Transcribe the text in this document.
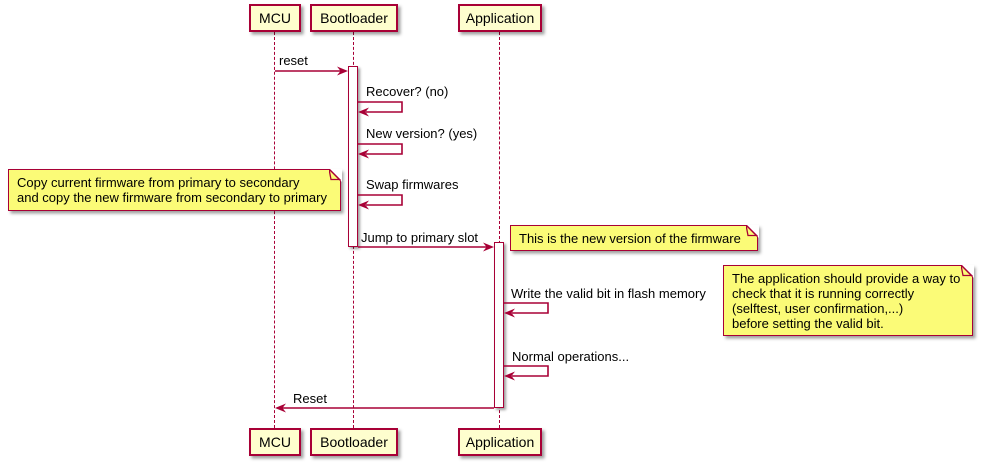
reset
Recover? (no)
New version? (yes)
Swap firmwares
Jump to primary slot
Write the valid bit in flash memory
Normal operations...
Reset
Copy current firmware from primary to secondary
and copy the new firmware from secondary to primary
This is the new version of the firmware
The application should provide a way to
check that it is running correctly
(selftest, user confirmation,...)
before setting the valid bit.
MCU Bootloader	Application
MCU Bootloader	Application
